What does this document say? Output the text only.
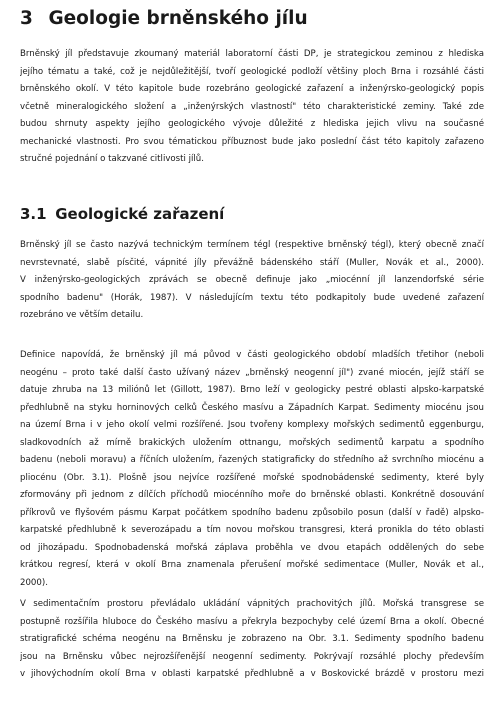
3 Geologie brněnského jílu
Brněnský jíl představuje zkoumaný materiál laboratorní části DP, je strategickou zeminou z hlediska
jejího tématu a také, což je nejdůležitější, tvoří geologické podloží většiny ploch Brna i rozsáhlé části
brněnského okolí. V této kapitole bude rozebráno geologické zařazení a inženýrsko-geologický popis
včetně mineralogického složení a „inženýrských vlastností" této charakteristické zeminy. Také zde
budou shrnuty aspekty jejího geologického vývoje důležité z hlediska jejich vlivu na současné
mechanické vlastnosti. Pro svou tématickou příbuznost bude jako poslední část této kapitoly zařazeno
stručné pojednání o takzvané citlivosti jílů.
3.1 Geologické zařazení
Brněnský jíl se často nazývá technickým termínem tégl (respektive brněnský tégl), který obecně značí
nevrstevnaté, slabě písčité, vápnité jíly převážně bádenského stáří (Muller, Novák et al., 2000).
V inženýrsko-geologických zprávách se obecně definuje jako „miocénní jíl lanzendorfské série
spodního badenu" (Horák, 1987). V následujícím textu této podkapitoly bude uvedené zařazení
rozebráno ve větším detailu.
Definice napovídá, že brněnský jíl má původ v části geologického období mladších třetihor (neboli
neogénu – proto také další často užívaný název „brněnský neogenní jíl") zvané miocén, jejíž stáří se
datuje zhruba na 13 miliónů let (Gillott, 1987). Brno leží v geologicky pestré oblasti alpsko-karpatské
předhlubně na styku horninových celků Českého masívu a Západních Karpat. Sedimenty miocénu jsou
na území Brna i v jeho okolí velmi rozšířené. Jsou tvořeny komplexy mořských sedimentů eggenburgu,
sladkovodních až mírně brakických uložením ottnangu, mořských sedimentů karpatu a spodního
badenu (neboli moravu) a říčních uložením, řazených statigraficky do středního až svrchního miocénu a
pliocénu (Obr. 3.1). Plošně jsou nejvíce rozšířené mořské spodnobádenské sedimenty, které byly
zformovány při jednom z dílčích příchodů miocénního moře do brněnské oblasti. Konkrétně dosouvání
příkrovů ve flyšovém pásmu Karpat počátkem spodního badenu způsobilo posun (další v řadě) alpsko-
karpatské předhlubně k severozápadu a tím novou mořskou transgresi, která pronikla do této oblasti
od jihozápadu. Spodnobadenská mořská záplava proběhla ve dvou etapách oddělených do sebe
krátkou regresí, která v okolí Brna znamenala přerušení mořské sedimentace (Muller, Novák et al.,
2000).
V sedimentačním prostoru převládalo ukládání vápnitých prachovitých jílů. Mořská transgrese se
postupně rozšířila hluboce do Českého masívu a překryla bezpochyby celé území Brna a okolí. Obecné
stratigrafické schéma neogénu na Brněnsku je zobrazeno na Obr. 3.1. Sedimenty spodního badenu
jsou na Brněnsku vůbec nejrozšířenější neogenní sedimenty. Pokrývají rozsáhlé plochy především
v jihovýchodním okolí Brna v oblasti karpatské předhlubně a v Boskovické brázdě v prostoru mezi
